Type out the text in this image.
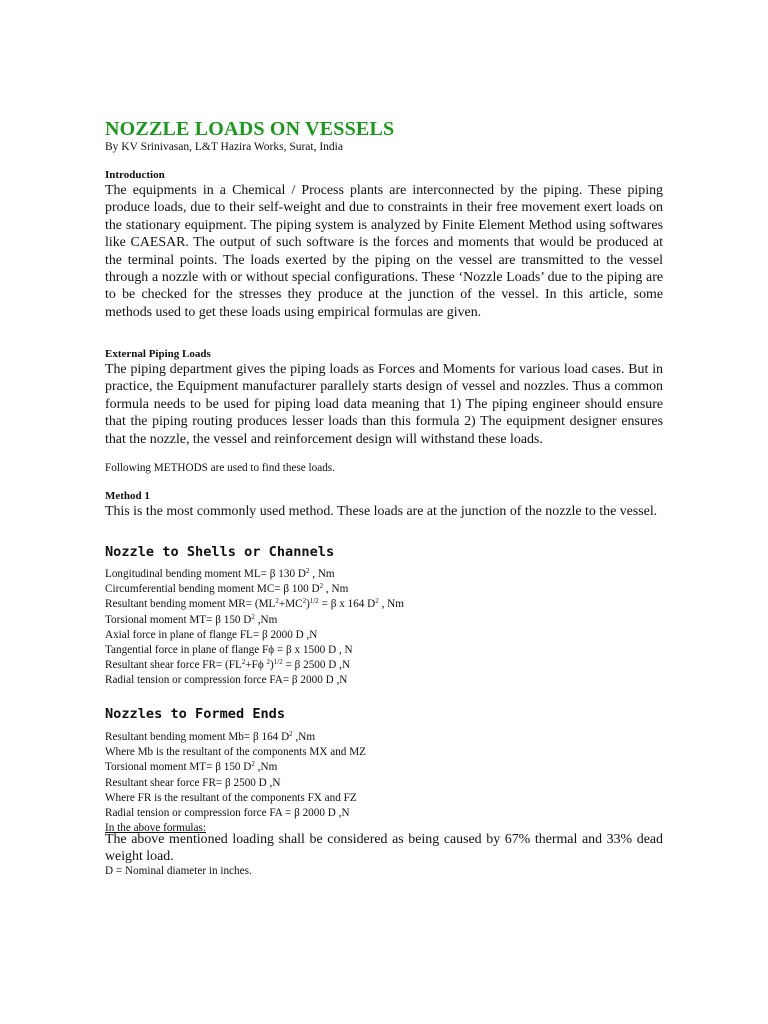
NOZZLE LOADS ON VESSELS
By KV Srinivasan, L&T Hazira Works, Surat, India
Introduction

The equipments in a Chemical / Process plants are interconnected by the piping. These piping produce loads, due to their self-weight and due to constraints in their free movement exert loads on the stationary equipment. The piping system is analyzed by Finite Element Method using softwares like CAESAR. The output of such software is the forces and moments that would be produced at the terminal points. The loads exerted by the piping on the vessel are transmitted to the vessel through a nozzle with or without special configurations. These ‘Nozzle Loads’ due to the piping are to be checked for the stresses they produce at the junction of the vessel. In this article, some methods used to get these loads using empirical formulas are given.

External Piping Loads

The piping department gives the piping loads as Forces and Moments for various load cases. But in practice, the Equipment manufacturer parallely starts design of vessel and nozzles. Thus a common formula needs to be used for piping load data meaning that 1) The piping engineer should ensure that the piping routing produces lesser loads than this formula 2) The equipment designer ensures that the nozzle, the vessel and reinforcement design will withstand these loads.

Following METHODS are used to find these loads.
Method 1

This is the most commonly used method. These loads are at the junction of the nozzle to the vessel.

Nozzle to Shells or Channels
Longitudinal bending moment ML= β 130 $D^2$ , Nm
Circumferential bending moment MC= β 100 $D^2$ , Nm
Resultant bending moment $MR= (ML^2+MC^2)^{1/2} = \beta$ x 164 $D^2$ , Nm
Torsional moment MT= β 150 $D^2$ ,Nm
Axial force in plane of flange FL= β 2000 D ,N
Tangential force in plane of flange Fϕ = β x 1500 D , N
Resultant shear force $FR= (FL^2+F\phi$ $^2$)$^{1/2}$ = β 2500 D ,N
Radial tension or compression force FA= β 2000 D ,N
Nozzles to Formed Ends
Resultant bending moment Mb= β 164 $D^2$ ,Nm
Where Mb is the resultant of the components MX and MZ
Torsional moment MT= β 150 $D^2$ ,Nm
Resultant shear force FR= β 2500 D ,N
Where FR is the resultant of the components FX and FZ
Radial tension or compression force FA = β 2000 D ,N
In the above formulas:

The above mentioned loading shall be considered as being caused by 67% thermal and 33% dead weight load.

D = Nominal diameter in inches.
